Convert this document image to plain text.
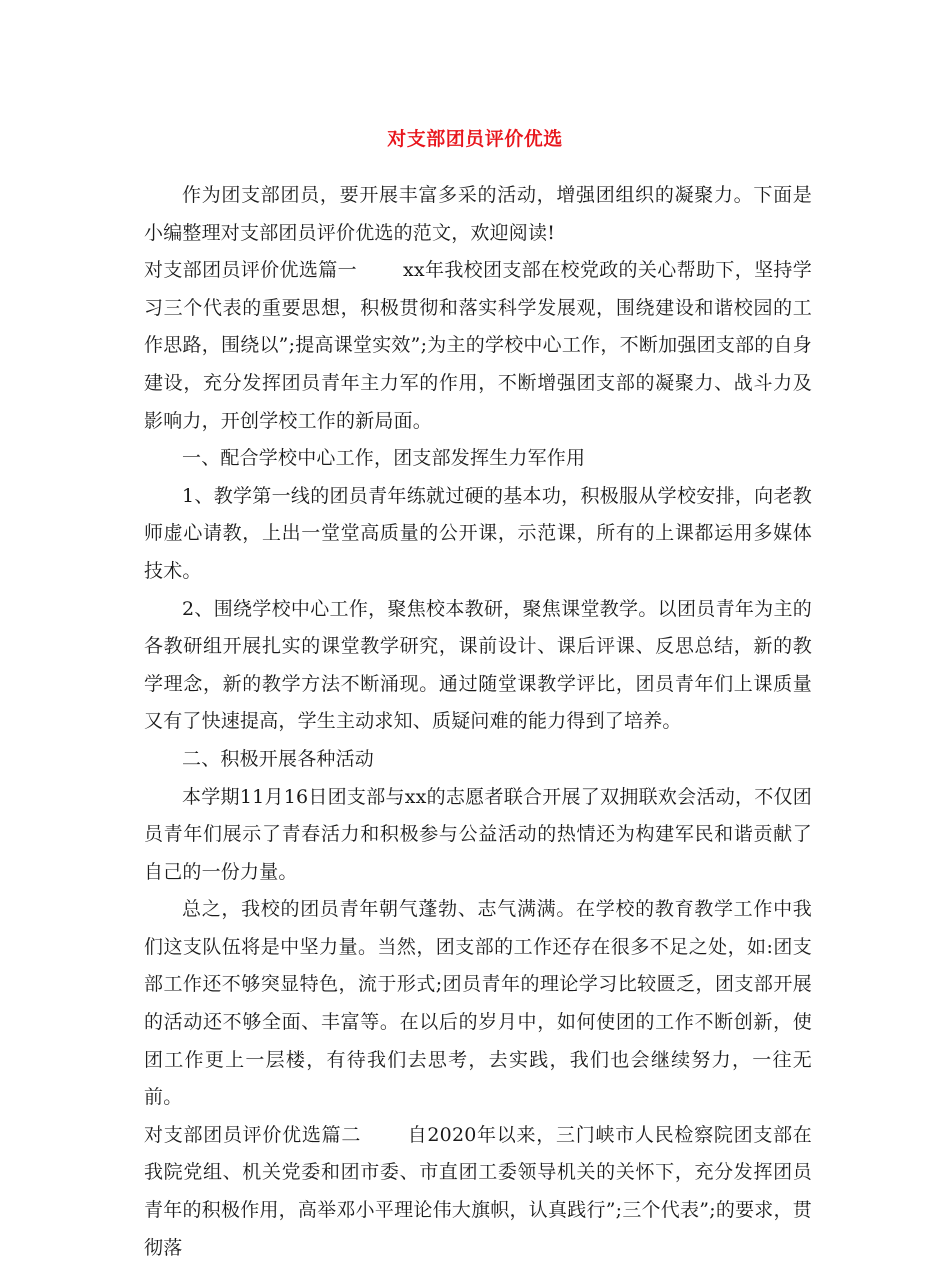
对支部团员评价优选

作为团支部团员，要开展丰富多采的活动，增强团组织的凝聚力。下面是小编整理对支部团员评价优选的范文，欢迎阅读!

对支部团员评价优选篇一 xx年我校团支部在校党政的关心帮助下，坚持学习三个代表的重要思想，积极贯彻和落实科学发展观，围绕建设和谐校园的工作思路，围绕以”;提高课堂实效”;为主的学校中心工作，不断加强团支部的自身建设，充分发挥团员青年主力军的作用，不断增强团支部的凝聚力、战斗力及影响力，开创学校工作的新局面。

一、配合学校中心工作，团支部发挥生力军作用

1、教学第一线的团员青年练就过硬的基本功，积极服从学校安排，向老教师虚心请教，上出一堂堂高质量的公开课，示范课，所有的上课都运用多媒体技术。

2、围绕学校中心工作，聚焦校本教研，聚焦课堂教学。以团员青年为主的各教研组开展扎实的课堂教学研究，课前设计、课后评课、反思总结，新的教学理念，新的教学方法不断涌现。通过随堂课教学评比，团员青年们上课质量又有了快速提高，学生主动求知、质疑问难的能力得到了培养。

二、积极开展各种活动

本学期11月16日团支部与xx的志愿者联合开展了双拥联欢会活动，不仅团员青年们展示了青春活力和积极参与公益活动的热情还为构建军民和谐贡献了自己的一份力量。

总之，我校的团员青年朝气蓬勃、志气满满。在学校的教育教学工作中我们这支队伍将是中坚力量。当然，团支部的工作还存在很多不足之处，如:团支部工作还不够突显特色，流于形式;团员青年的理论学习比较匮乏，团支部开展的活动还不够全面、丰富等。在以后的岁月中，如何使团的工作不断创新，使团工作更上一层楼，有待我们去思考，去实践，我们也会继续努力，一往无前。

对支部团员评价优选篇二 自2020年以来，三门峡市人民检察院团支部在我院党组、机关党委和团市委、市直团工委领导机关的关怀下，充分发挥团员青年的积极作用，高举邓小平理论伟大旗帜，认真践行”;三个代表”;的要求，贯彻落
